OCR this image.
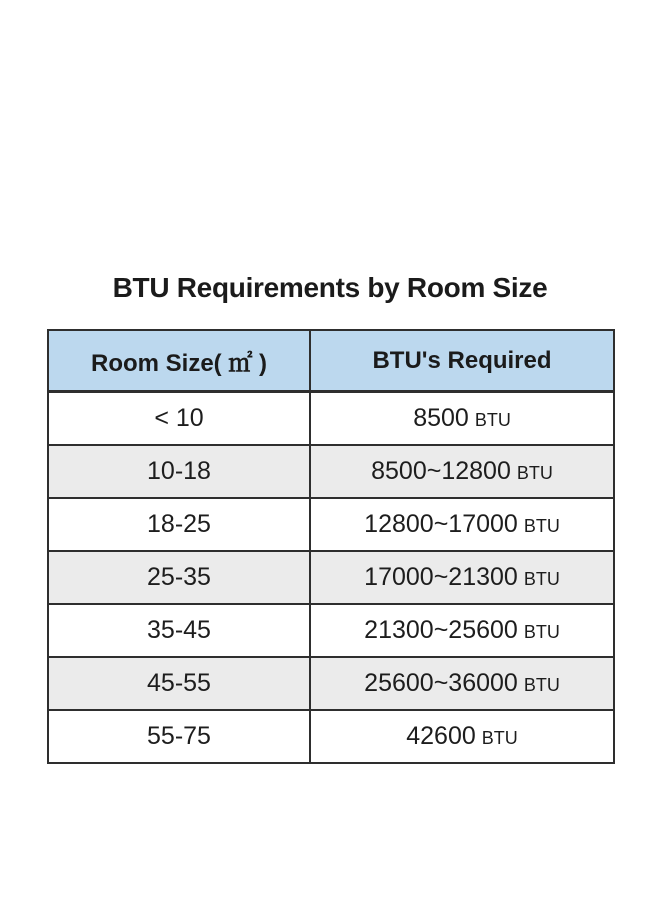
BTU Requirements by Room Size
Room Size( ㎡ )	BTU's Required
< 10	8500 BTU
10-18	8500~12800 BTU
18-25	12800~17000 BTU
25-35	17000~21300 BTU
35-45	21300~25600 BTU
45-55	25600~36000 BTU
55-75	42600 BTU
